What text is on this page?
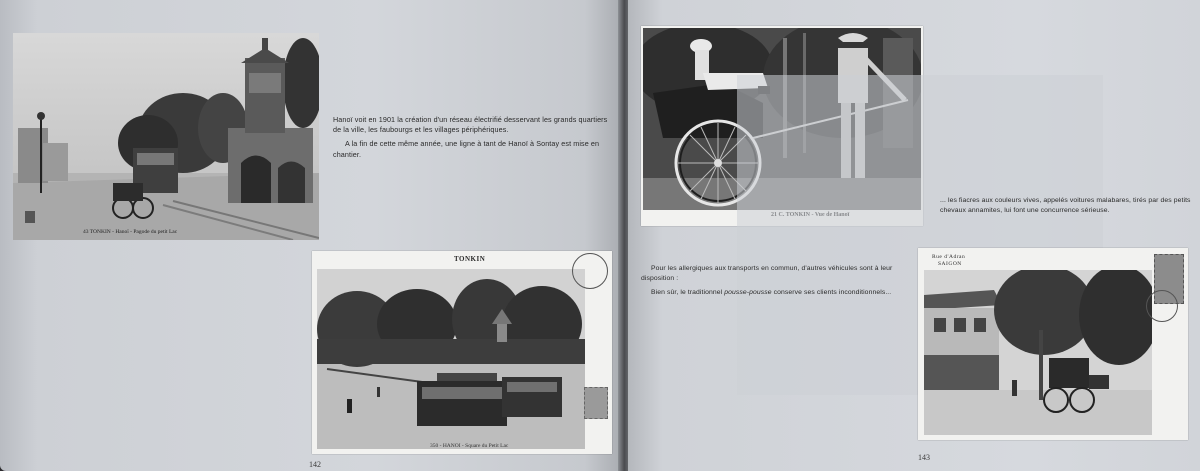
43 TONKIN - Hanoï - Pagode du petit Lac

Hanoï voit en 1901 la création d'un réseau électrifié desservant les grands quartiers de la ville, les faubourgs et les villages périphériques.

A la fin de cette même année, une ligne à tant de Hanoï à Sontay est mise en chantier.

TONKIN
350 - HANOI - Square du Petit Lac
142
... les fiacres aux couleurs vives, appelés voitures malabares, tirés par des petits chevaux annamites, lui font une concurrence sérieuse.

Pour les allergiques aux transports en commun, d'autres véhicules sont à leur disposition :

Bien sûr, le traditionnel pousse-pousse conserve ses clients inconditionnels...

Rue d'Adran
SAIGON
143
